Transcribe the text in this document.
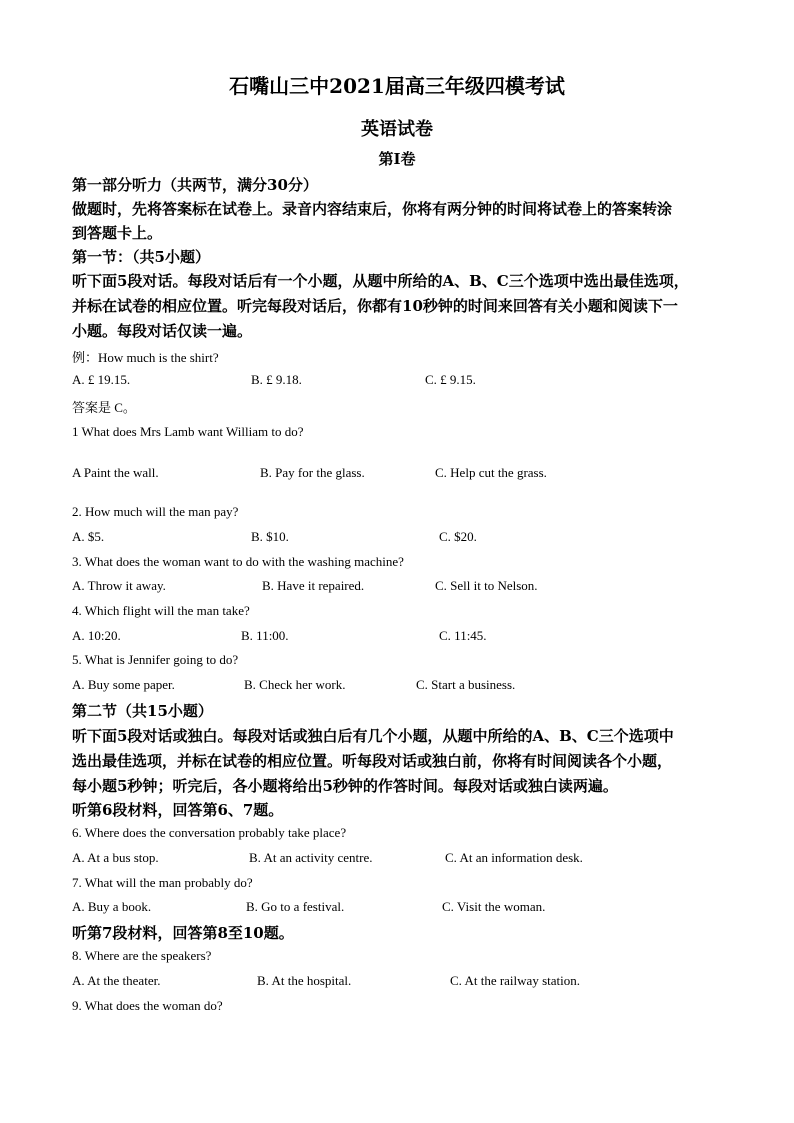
石嘴山三中2021届高三年级四模考试
英语试卷
第I卷
第一部分听力（共两节，满分30分）
做题时，先将答案标在试卷上。录音内容结束后，你将有两分钟的时间将试卷上的答案转涂
到答题卡上。
第一节：（共5小题）
听下面5段对话。每段对话后有一个小题，从题中所给的A、B、C三个选项中选出最佳选项，
并标在试卷的相应位置。听完每段对话后，你都有10秒钟的时间来回答有关小题和阅读下一
小题。每段对话仅读一遍。
例：How much is the shirt?
A. £ 19.15.	B. £ 9.18.	C. £ 9.15.
答案是 C。
1 What does Mrs Lamb want William to do?
A Paint the wall.	B. Pay for the glass.	C. Help cut the grass.
2. How much will the man pay?
A. $5.	B. $10.	C. $20.
3. What does the woman want to do with the washing machine?
A. Throw it away.	B. Have it repaired.	C. Sell it to Nelson.
4. Which flight will the man take?
A. 10:20.	B. 11:00.	C. 11:45.
5. What is Jennifer going to do?
A. Buy some paper.	B. Check her work.	C. Start a business.
第二节（共15小题）
听下面5段对话或独白。每段对话或独白后有几个小题，从题中所给的A、B、C三个选项中
选出最佳选项，并标在试卷的相应位置。听每段对话或独白前，你将有时间阅读各个小题，
每小题5秒钟；听完后，各小题将给出5秒钟的作答时间。每段对话或独白读两遍。
听第6段材料，回答第6、7题。
6. Where does the conversation probably take place?
A. At a bus stop.	B. At an activity centre.	C. At an information desk.
7. What will the man probably do?
A. Buy a book.	B. Go to a festival.	C. Visit the woman.
听第7段材料，回答第8至10题。
8. Where are the speakers?
A. At the theater.	B. At the hospital.	C. At the railway station.
9. What does the woman do?
